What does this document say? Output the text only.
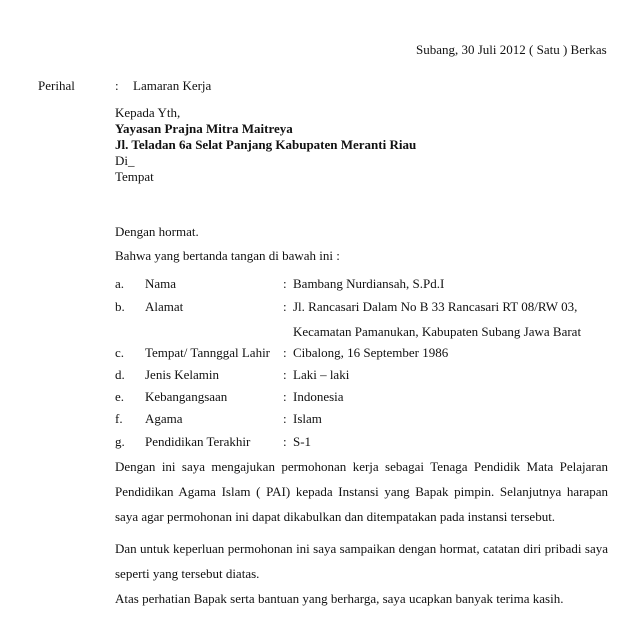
Subang, 30 Juli 2012 ( Satu ) Berkas
Perihal	: Lamaran Kerja
Kepada Yth,
Yayasan Prajna Mitra Maitreya
Jl. Teladan 6a Selat Panjang Kabupaten Meranti Riau
Di_
Tempat
Dengan hormat.
Bahwa yang bertanda tangan di bawah ini :
a. Nama	: Bambang Nurdiansah, S.Pd.I
b. Alamat	: Jl. Rancasari Dalam No B 33 Rancasari RT 08/RW 03,
Kecamatan Pamanukan, Kabupaten Subang Jawa Barat
c. Tempat/ Tannggal Lahir : Cibalong, 16 September 1986
d. Jenis Kelamin	: Laki – laki
e. Kebangangsaan	: Indonesia
f. Agama	: Islam
g. Pendidikan Terakhir	: S-1
Dengan ini saya mengajukan permohonan kerja sebagai Tenaga Pendidik Mata Pelajaran Pendidikan Agama Islam ( PAI) kepada Instansi yang Bapak pimpin. Selanjutnya harapan saya agar permohonan ini dapat dikabulkan dan ditempatakan pada instansi tersebut.
Dan untuk keperluan permohonan ini saya sampaikan dengan hormat, catatan diri pribadi saya seperti yang tersebut diatas.
Atas perhatian Bapak serta bantuan yang berharga, saya ucapkan banyak terima kasih.
